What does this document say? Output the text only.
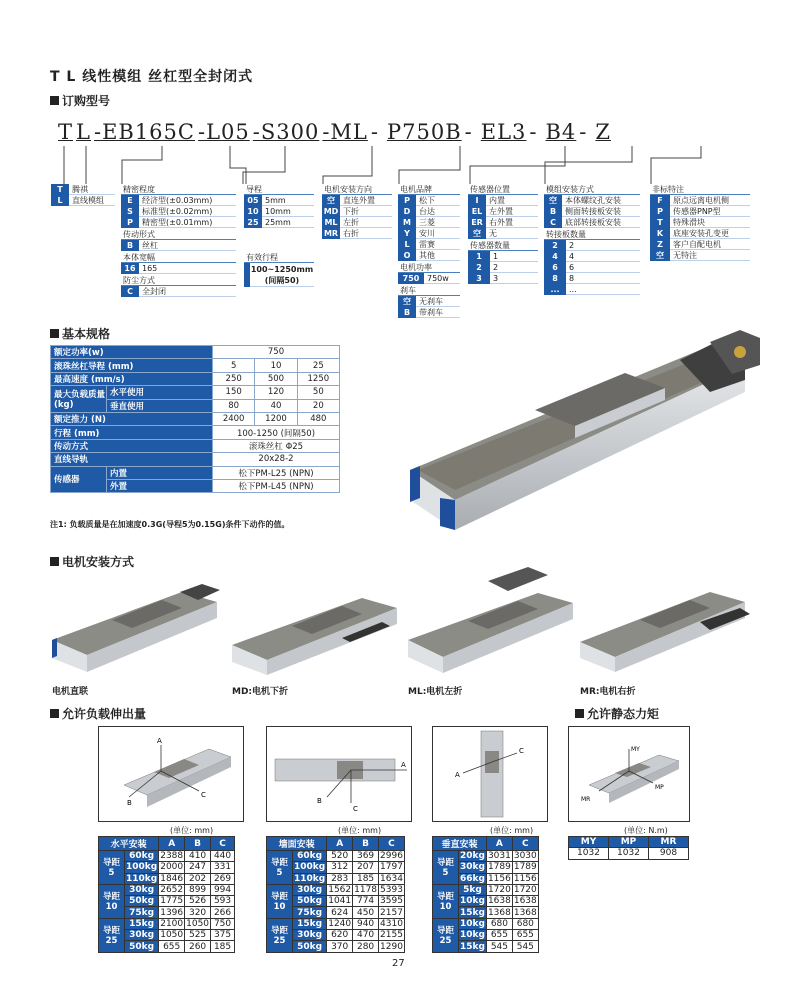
T L 线性模组 丝杠型全封闭式
订购型号
T L -EB165C -L05 -S300 -ML - P750B - EL3 - B4 - Z
T	腾祺
L	直线模组
精密程度
E	经济型(±0.03mm)
S	标准型(±0.02mm)
P	精密型(±0.01mm)
传动形式
B	丝杠
本体宽幅
16 165
防尘方式
C	全封闭
导程
05 5mm
10 10mm
25 25mm
有效行程
100~1250mm
(间隔50)
电机安装方向
空	直连外置
MD 下折
ML 左折
MR 右折
电机品牌
P	松下
D	台达
M	三菱
Y	安川
L	雷赛
O	其他
电机功率
750 750w
刹车
空	无刹车
B	带刹车
传感器位置
I	内置
EL 左外置
ER 右外置
空	无
传感器数量
1	1
2	2
3	3
模组安装方式
空	本体螺纹孔安装
B	侧面转接板安装
C	底部转接板安装
转接板数量
2	2
4	4
6	6
8	8
...	...
非标特注
F	原点远离电机侧
P	传感器PNP型
T	特殊滑块
K	底座安装孔变更
Z	客户自配电机
空	无特注
基本规格
额定功率(w)		750		
滚珠丝杠导程 (mm)		5	10	25
最高速度 (mm/s)		250	500	1250
最大负载质量(kg)	水平使用	150	120	50
	垂直使用	80	40	20
额定推力 (N)		2400	1200	480
行程 (mm)		100-1250 (间隔50)		
传动方式		滚珠丝杠 Φ25		
直线导轨		20x28-2		
传感器	内置	松下PM-L25 (NPN)		
	外置	松下PM-L45 (NPN)		
注1: 负载质量是在加速度0.3G(导程5为0.15G)条件下动作的值。
电机安装方式
电机直联	MD:电机下折	ML:电机左折	MR:电机右折
允许负载伸出量	允许静态力矩
A
B
C
A
B
C
A
C	MY
MR
MP
(单位: mm)	(单位: mm)	(单位: mm)	(单位: N.m)
水平安装		A	B	C
导距
5	60kg	2388	410	440
	100kg	2000	247	331
	110kg	1846	202	269
导距
10	30kg	2652	899	994
	50kg	1775	526	593
	75kg	1396	320	266
导距
25	15kg	2100	1050	750
	30kg	1050	525	375
	50kg	655	260	185
墙面安装		A	B	C
导距
5	60kg	520	369	2996
	100kg	312	207	1797
	110kg	283	185	1634
导距
10	30kg	1562	1178	5393
	50kg	1041	774	3595
	75kg	624	450	2157
导距
25	15kg	1240	940	4310
	30kg	620	470	2155
	50kg	370	280	1290
垂直安装		A	C
导距
5	20kg	3031	3030
	30kg	1789	1789
	66kg	1156	1156
导距
10	5kg	1720	1720
	10kg	1638	1638
	15kg	1368	1368
导距
25	10kg	680	680
	10kg	655	655
	15kg	545	545
MY	MP	MR
1032	1032	908
27
